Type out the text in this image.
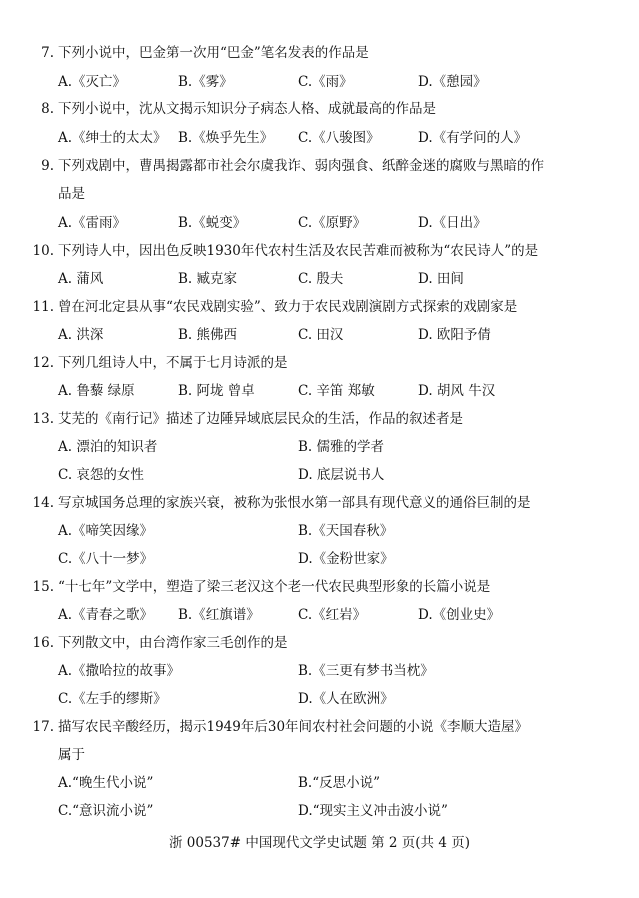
7. 下列小说中，巴金第一次用“巴金”笔名发表的作品是
A.《灭亡》	B.《雾》	C.《雨》	D.《憩园》
8. 下列小说中，沈从文揭示知识分子病态人格、成就最高的作品是
A.《绅士的太太》 B.《焕乎先生》 C.《八骏图》	D.《有学问的人》
9. 下列戏剧中，曹禺揭露都市社会尔虞我诈、弱肉强食、纸醉金迷的腐败与黑暗的作
品是
A.《雷雨》	B.《蜕变》	C.《原野》	D.《日出》
10. 下列诗人中，因出色反映1930年代农村生活及农民苦难而被称为“农民诗人”的是
A. 蒲风	B. 臧克家	C. 殷夫	D. 田间
11. 曾在河北定县从事“农民戏剧实验”、致力于农民戏剧演剧方式探索的戏剧家是
A. 洪深	B. 熊佛西	C. 田汉	D. 欧阳予倩
12. 下列几组诗人中，不属于七月诗派的是
A. 鲁藜 绿原	B. 阿垅 曾卓	C. 辛笛 郑敏	D. 胡风 牛汉
13. 艾芜的《南行记》描述了边陲异域底层民众的生活，作品的叙述者是
A. 漂泊的知识者	B. 儒雅的学者
C. 哀怨的女性	D. 底层说书人
14. 写京城国务总理的家族兴衰，被称为张恨水第一部具有现代意义的通俗巨制的是
A.《啼笑因缘》	B.《天国春秋》
C.《八十一梦》	D.《金粉世家》
15. “十七年”文学中，塑造了梁三老汉这个老一代农民典型形象的长篇小说是
A.《青春之歌》 B.《红旗谱》	C.《红岩》	D.《创业史》
16. 下列散文中，由台湾作家三毛创作的是
A.《撒哈拉的故事》	B.《三更有梦书当枕》
C.《左手的缪斯》	D.《人在欧洲》
17. 描写农民辛酸经历，揭示1949年后30年间农村社会问题的小说《李顺大造屋》
属于
A.“晚生代小说”	B.“反思小说”
C.“意识流小说”	D.“现实主义冲击波小说”
浙 00537# 中国现代文学史试题 第 2 页(共 4 页)
